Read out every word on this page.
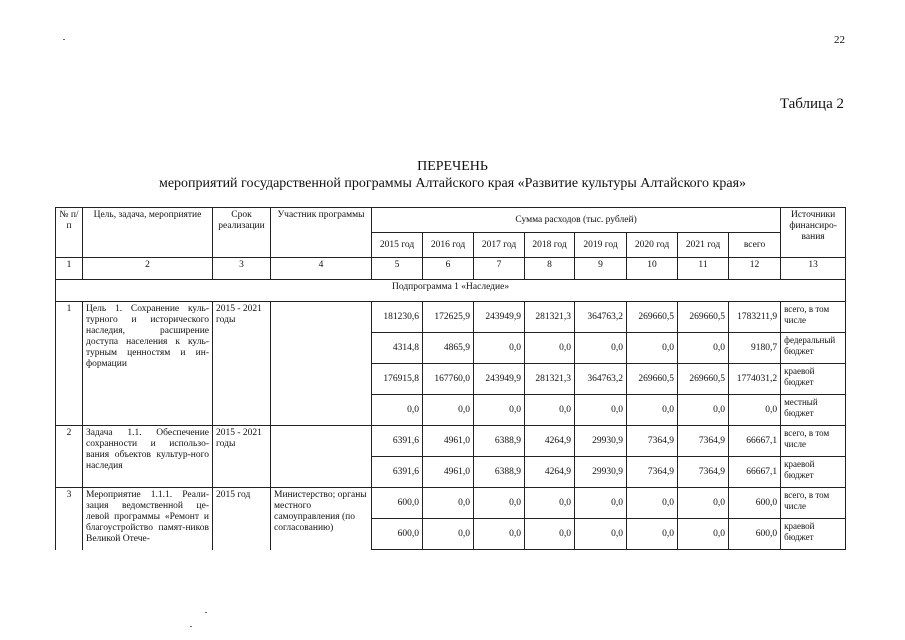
22
Таблица 2
ПЕРЕЧЕНЬ
мероприятий государственной программы Алтайского края «Развитие культуры Алтайского края»
№ п/п	Цель, задача, мероприятие	Срок реализации	Участник программы	Сумма расходов (тыс. рублей)								Источники финансиро-вания
				2015 год	2016 год	2017 год	2018 год	2019 год	2020 год	2021 год	всего	
1	2	3	4	5	6	7	8	9	10	11	12	13
Подпрограмма 1 «Наследие»												
1	Цель 1. Сохранение куль-турного и исторического наследия, расширение доступа населения к куль-турным ценностям и ин-формации	2015 - 2021 годы		181230,6	172625,9	243949,9	281321,3	364763,2	269660,5	269660,5	1783211,9	всего, в том числе
				4314,8	4865,9	0,0	0,0	0,0	0,0	0,0	9180,7	федеральный бюджет
				176915,8	167760,0	243949,9	281321,3	364763,2	269660,5	269660,5	1774031,2	краевой бюджет
				0,0	0,0	0,0	0,0	0,0	0,0	0,0	0,0	местный бюджет
2	Задача 1.1. Обеспечение сохранности и использо-вания объектов культур-ного наследия	2015 - 2021 годы		6391,6	4961,0	6388,9	4264,9	29930,9	7364,9	7364,9	66667,1	всего, в том числе
				6391,6	4961,0	6388,9	4264,9	29930,9	7364,9	7364,9	66667,1	краевой бюджет
3	Мероприятие 1.1.1. Реали-зация ведомственной це-левой программы «Ремонт и благоустройство памят-ников Великой Отече-	2015 год	Министерство; органы местного самоуправления (по согласованию)	600,0	0,0	0,0	0,0	0,0	0,0	0,0	600,0	всего, в том числе
				600,0	0,0	0,0	0,0	0,0	0,0	0,0	600,0	краевой бюджет
